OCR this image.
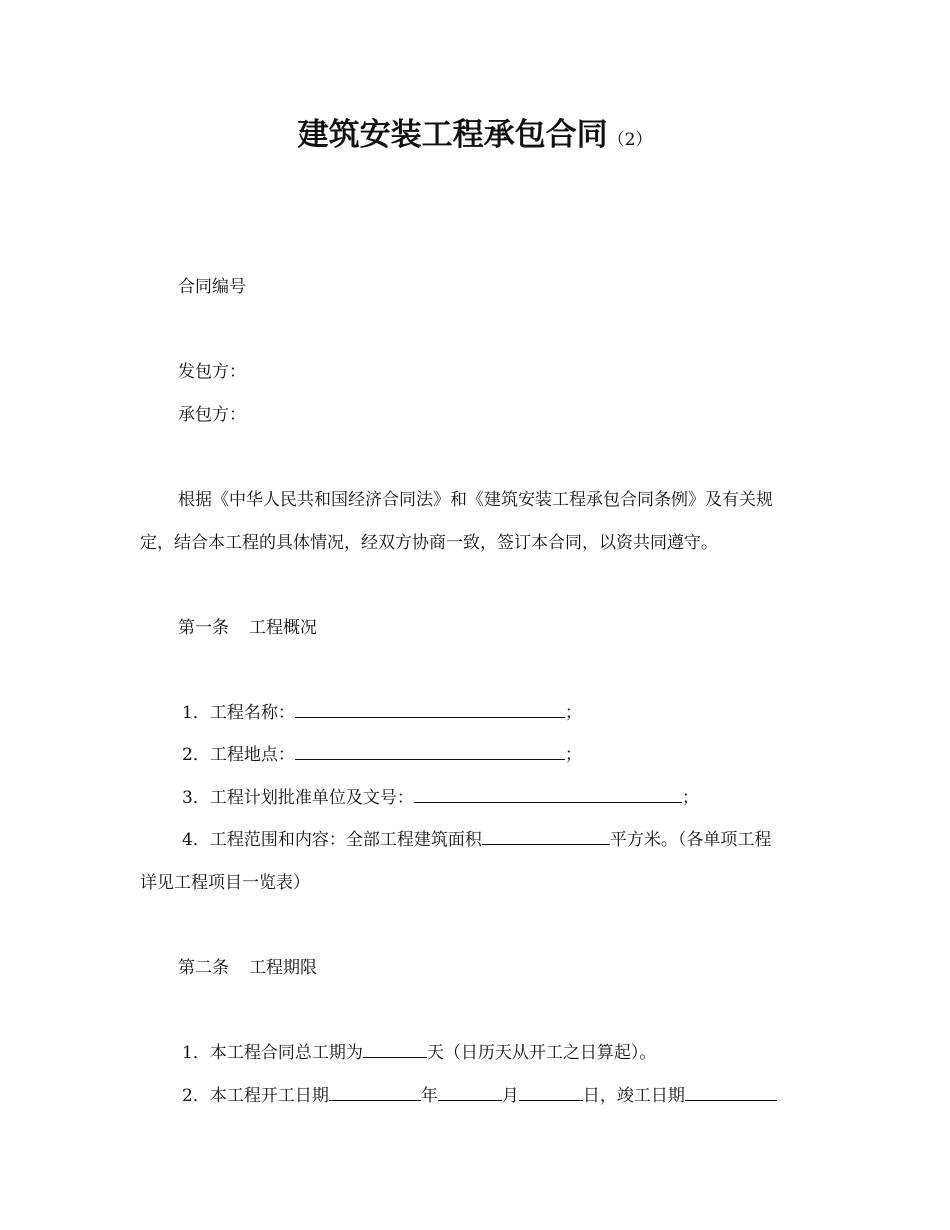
建筑安装工程承包合同（2）
合同编号
发包方：
承包方：
根据《中华人民共和国经济合同法》和《建筑安装工程承包合同条例》及有关规
定，结合本工程的具体情况，经双方协商一致，签订本合同，以资共同遵守。
第一条 工程概况
1．工程名称：	；
2．工程地点：	；
3．工程计划批准单位及文号：	；
4．工程范围和内容：全部工程建筑面积	平方米。（各单项工程
详见工程项目一览表）
第二条 工程期限
1．本工程合同总工期为	天（日历天从开工之日算起）。
2．本工程开工日期	年	月	日，竣工日期
